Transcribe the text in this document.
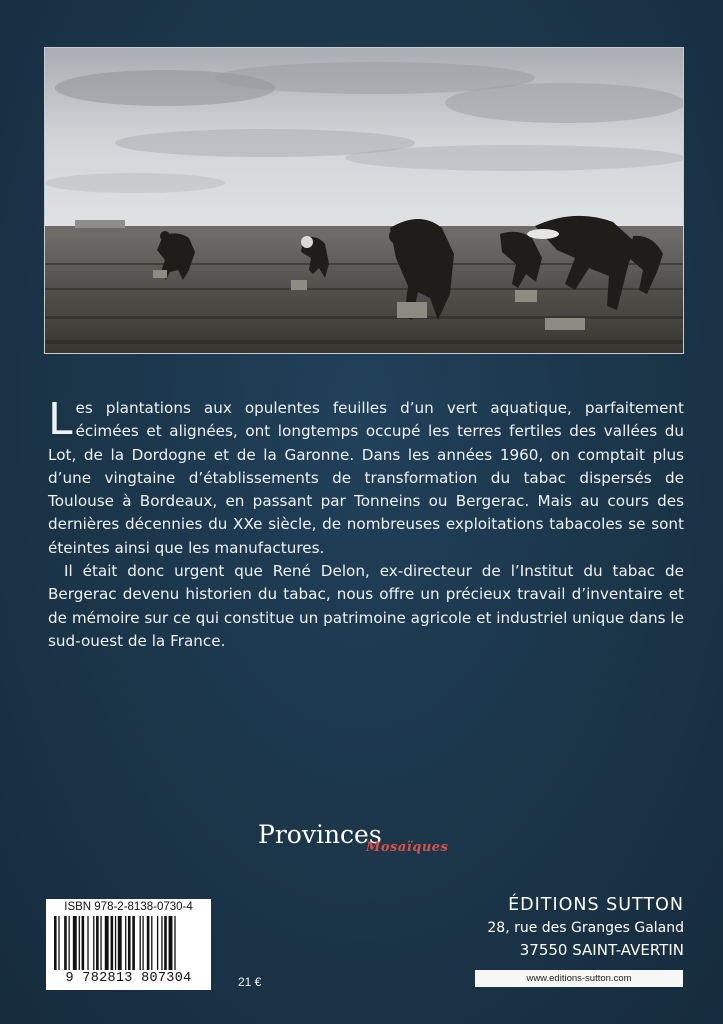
Les plantations aux opulentes feuilles d’un vert aquatique, parfaitement écimées et alignées, ont longtemps occupé les terres fertiles des vallées du Lot, de la Dordogne et de la Garonne. Dans les années 1960, on comptait plus d’une vingtaine d’établissements de transformation du tabac dispersés de Toulouse à Bordeaux, en passant par Tonneins ou Bergerac. Mais au cours des dernières décennies du XXe siècle, de nombreuses exploitations tabacoles se sont éteintes ainsi que les manufactures.

Il était donc urgent que René Delon, ex-directeur de l’Institut du tabac de Bergerac devenu historien du tabac, nous offre un précieux travail d’inventaire et de mémoire sur ce qui constitue un patrimoine agricole et industriel unique dans le sud-ouest de la France.

Provinces
Mosaïques
ISBN 978-2-8138-0730-4
9 782813 807304	21 €
ÉDITIONS SUTTON
28, rue des Granges Galand
37550 SAINT-AVERTIN
www.editions-sutton.com
